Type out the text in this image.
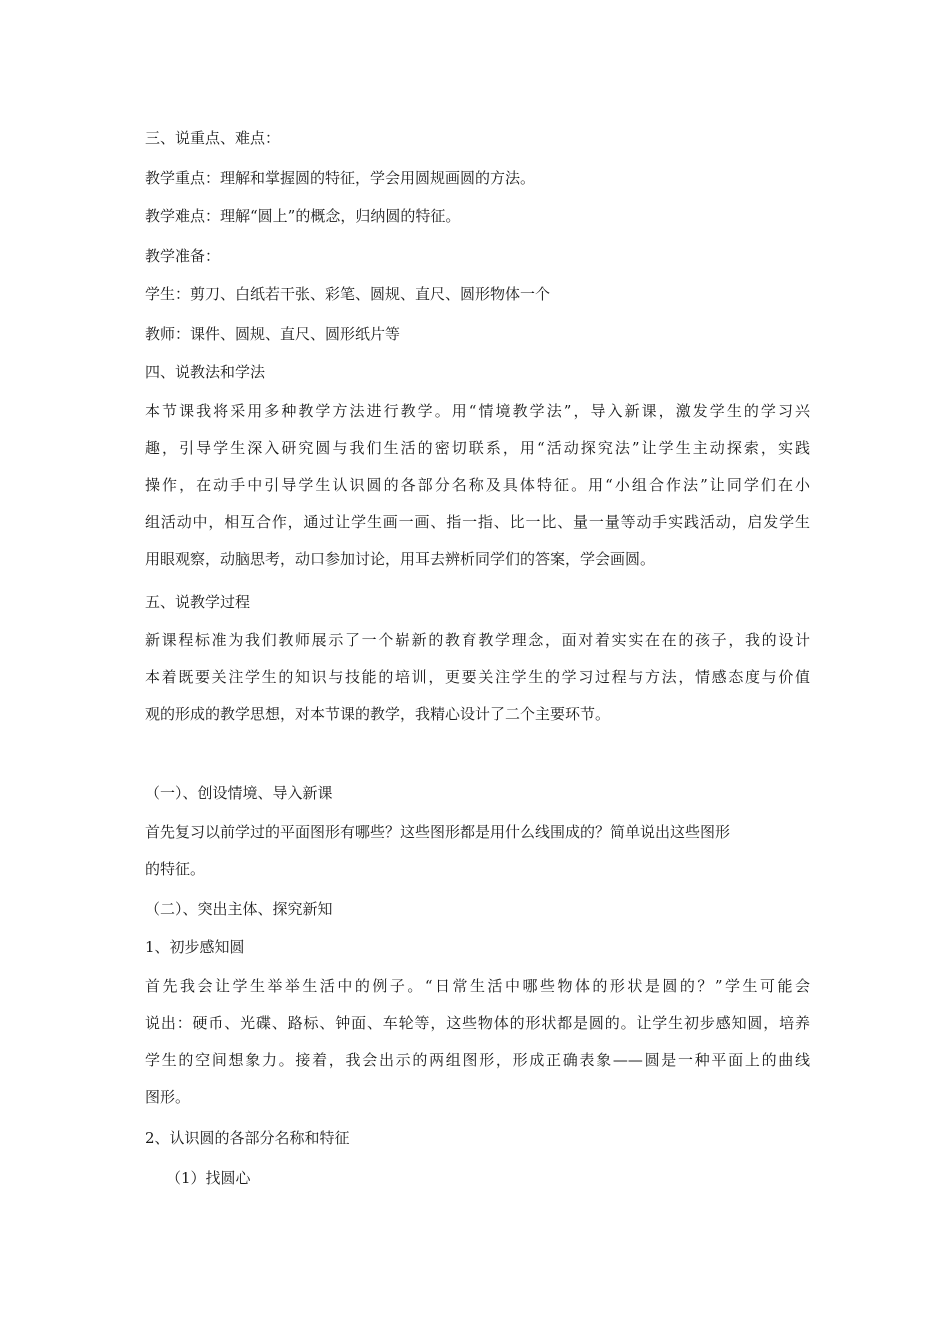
三、说重点、难点：
教学重点：理解和掌握圆的特征，学会用圆规画圆的方法。
教学难点：理解“圆上”的概念，归纳圆的特征。
教学准备：
学生：剪刀、白纸若干张、彩笔、圆规、直尺、圆形物体一个
教师：课件、圆规、直尺、圆形纸片等
四、说教法和学法
本节课我将采用多种教学方法进行教学。用“情境教学法”，导入新课，激发学生的学习兴
趣，引导学生深入研究圆与我们生活的密切联系，用“活动探究法”让学生主动探索，实践
操作，在动手中引导学生认识圆的各部分名称及具体特征。用“小组合作法”让同学们在小
组活动中，相互合作，通过让学生画一画、指一指、比一比、量一量等动手实践活动，启发学生
用眼观察，动脑思考，动口参加讨论，用耳去辨析同学们的答案，学会画圆。
五、说教学过程
新课程标准为我们教师展示了一个崭新的教育教学理念，面对着实实在在的孩子，我的设计
本着既要关注学生的知识与技能的培训，更要关注学生的学习过程与方法，情感态度与价值
观的形成的教学思想，对本节课的教学，我精心设计了二个主要环节。
（一）、创设情境、导入新课
首先复习以前学过的平面图形有哪些？这些图形都是用什么线围成的？简单说出这些图形
的特征。
（二）、突出主体、探究新知
1、初步感知圆
首先我会让学生举举生活中的例子。“日常生活中哪些物体的形状是圆的？”学生可能会
说出：硬币、光碟、路标、钟面、车轮等，这些物体的形状都是圆的。让学生初步感知圆，培养
学生的空间想象力。接着，我会出示的两组图形，形成正确表象——圆是一种平面上的曲线
图形。
2、认识圆的各部分名称和特征
（1）找圆心
